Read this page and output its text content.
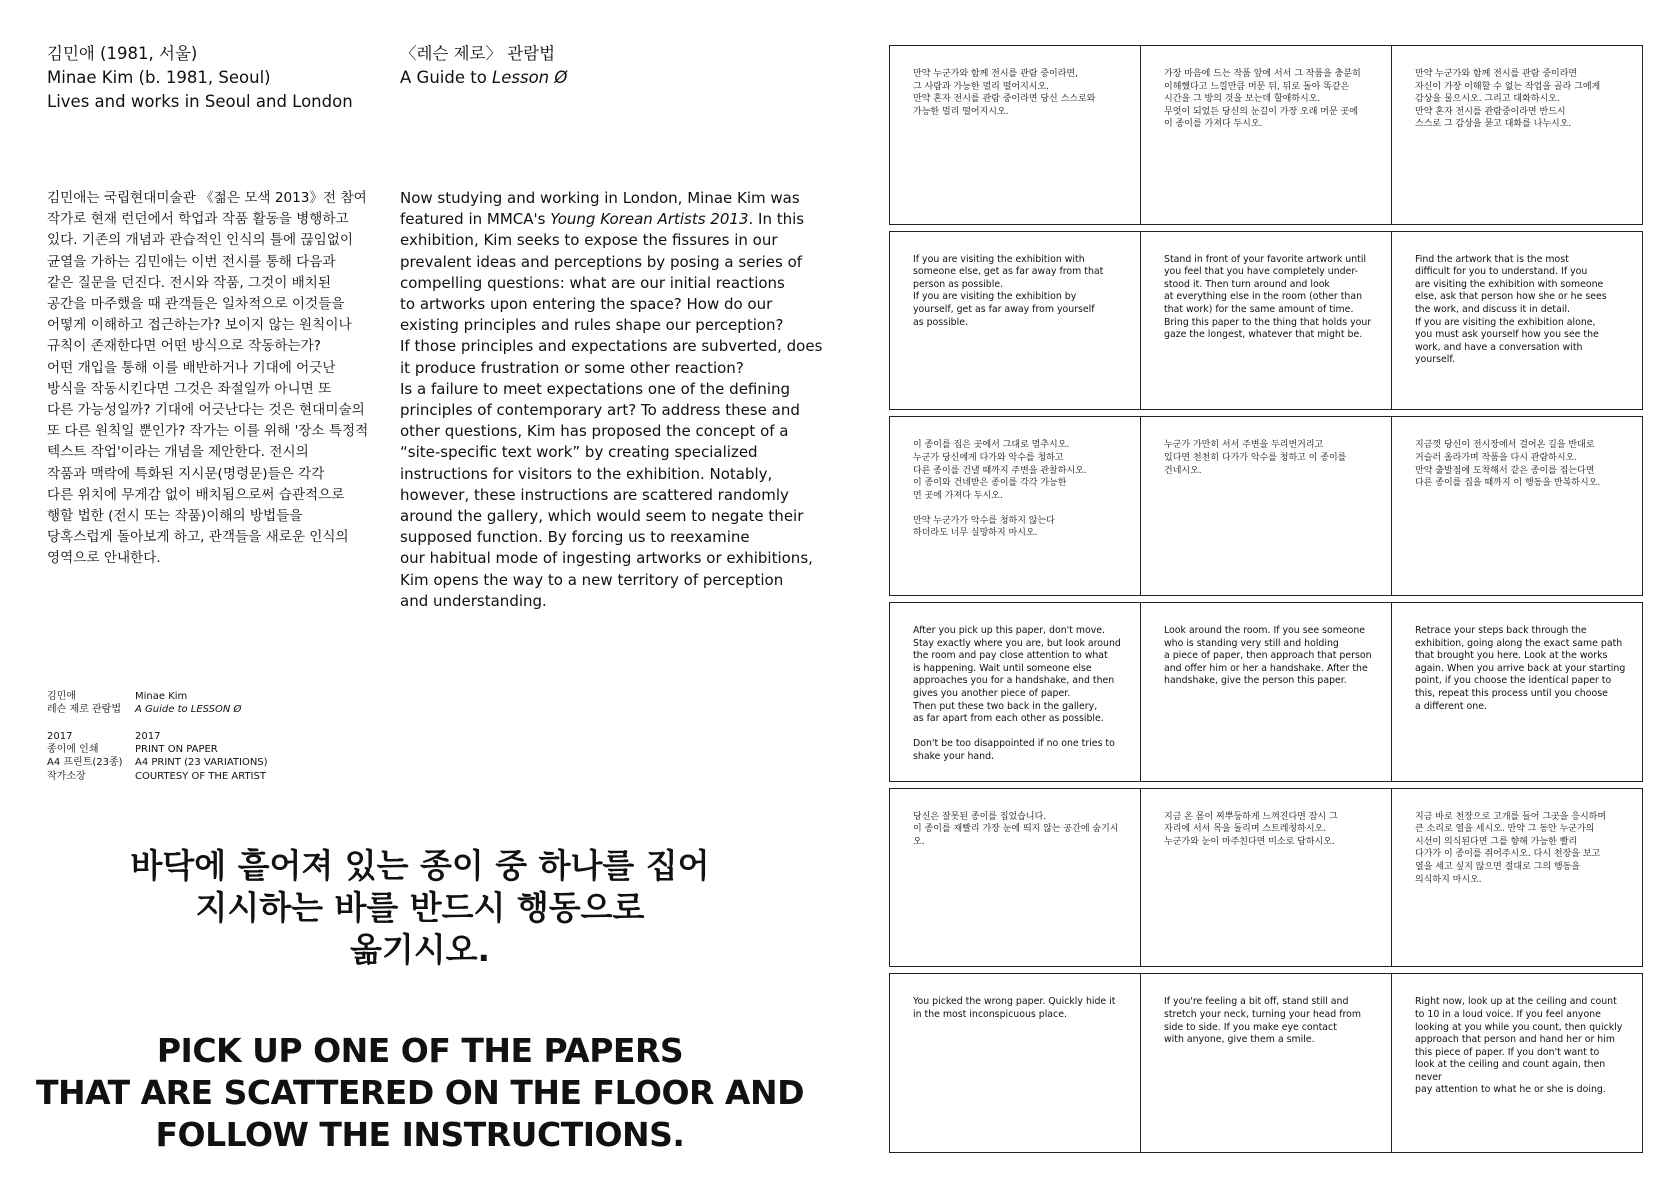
김민애 (1981, 서울)
Minae Kim (b. 1981, Seoul)
Lives and works in Seoul and London
〈레슨 제로〉 관람법
A Guide to Lesson Ø
김민애는 국립현대미술관 《젊은 모색 2013》전 참여
작가로 현재 런던에서 학업과 작품 활동을 병행하고
있다. 기존의 개념과 관습적인 인식의 틀에 끊임없이
균열을 가하는 김민애는 이번 전시를 통해 다음과
같은 질문을 던진다. 전시와 작품, 그것이 배치된
공간을 마주했을 때 관객들은 일차적으로 이것들을
어떻게 이해하고 접근하는가? 보이지 않는 원칙이나
규칙이 존재한다면 어떤 방식으로 작동하는가?
어떤 개입을 통해 이를 배반하거나 기대에 어긋난
방식을 작동시킨다면 그것은 좌절일까 아니면 또
다른 가능성일까? 기대에 어긋난다는 것은 현대미술의
또 다른 원칙일 뿐인가? 작가는 이를 위해 '장소 특정적
텍스트 작업'이라는 개념을 제안한다. 전시의
작품과 맥락에 특화된 지시문(명령문)들은 각각
다른 위치에 무게감 없이 배치됨으로써 습관적으로
행할 법한 (전시 또는 작품)이해의 방법들을
당혹스럽게 돌아보게 하고, 관객들을 새로운 인식의
영역으로 안내한다.
Now studying and working in London, Minae Kim was
featured in MMCA's Young Korean Artists 2013. In this
exhibition, Kim seeks to expose the fissures in our
prevalent ideas and perceptions by posing a series of
compelling questions: what are our initial reactions
to artworks upon entering the space? How do our
existing principles and rules shape our perception?
If those principles and expectations are subverted, does
it produce frustration or some other reaction?
Is a failure to meet expectations one of the defining
principles of contemporary art? To address these and
other questions, Kim has proposed the concept of a
“site-specific text work” by creating specialized
instructions for visitors to the exhibition. Notably,
however, these instructions are scattered randomly
around the gallery, which would seem to negate their
supposed function. By forcing us to reexamine
our habitual mode of ingesting artworks or exhibitions,
Kim opens the way to a new territory of perception
and understanding.
김민애
레슨 제로 관람법
Minae Kim
A Guide to LESSON Ø
2017
종이에 인쇄
A4 프린트(23종)
작가소장
2017
PRINT ON PAPER
A4 PRINT (23 VARIATIONS)
COURTESY OF THE ARTIST
바닥에 흩어져 있는 종이 중 하나를 집어
지시하는 바를 반드시 행동으로
옮기시오.
PICK UP ONE OF THE PAPERS
THAT ARE SCATTERED ON THE FLOOR AND
FOLLOW THE INSTRUCTIONS.
만약 누군가와 함께 전시를 관람 중이라면,
그 사람과 가능한 멀리 떨어지시오.
만약 혼자 전시를 관람 중이라면 당신 스스로와
가능한 멀리 떨어지시오.
가장 마음에 드는 작품 앞에 서서 그 작품을 충분히
이해했다고 느낄만큼 머문 뒤, 뒤로 돌아 똑같은
시간을 그 방의 것을 보는데 할애하시오.
무엇이 되었든 당신의 눈길이 가장 오래 머문 곳에
이 종이를 가져다 두시오.
만약 누군가와 함께 전시를 관람 중이라면
자신이 가장 이해할 수 없는 작업을 골라 그에게
감상을 물으시오. 그리고 대화하시오.
만약 혼자 전시를 관람중이라면 반드시
스스로 그 감상을 묻고 대화를 나누시오.
If you are visiting the exhibition with
someone else, get as far away from that
person as possible.
If you are visiting the exhibition by
yourself, get as far away from yourself
as possible.
Stand in front of your favorite artwork until
you feel that you have completely under-
stood it. Then turn around and look
at everything else in the room (other than
that work) for the same amount of time.
Bring this paper to the thing that holds your
gaze the longest, whatever that might be.
Find the artwork that is the most
difficult for you to understand. If you
are visiting the exhibition with someone
else, ask that person how she or he sees
the work, and discuss it in detail.
If you are visiting the exhibition alone,
you must ask yourself how you see the
work, and have a conversation with
yourself.
이 종이를 집은 곳에서 그대로 멈추시오.
누군가 당신에게 다가와 악수를 청하고
다른 종이를 건낼 때까지 주변을 관찰하시오.
이 종이와 건네받은 종이를 각각 가능한
먼 곳에 가져다 두시오.

만약 누군가가 악수를 청하지 않는다
하더라도 너무 실망하지 마시오.
누군가 가만히 서서 주변을 두리번거리고
있다면 천천히 다가가 악수를 청하고 이 종이를
건네시오.
지금껏 당신이 전시장에서 걸어온 길을 반대로
거슬러 올라가며 작품을 다시 관람하시오.
만약 출발점에 도착해서 같은 종이를 집는다면
다른 종이를 집을 때까지 이 행동을 반복하시오.
After you pick up this paper, don't move.
Stay exactly where you are, but look around
the room and pay close attention to what
is happening. Wait until someone else
approaches you for a handshake, and then
gives you another piece of paper.
Then put these two back in the gallery,
as far apart from each other as possible.

Don't be too disappointed if no one tries to
shake your hand.
Look around the room. If you see someone
who is standing very still and holding
a piece of paper, then approach that person
and offer him or her a handshake. After the
handshake, give the person this paper.
Retrace your steps back through the
exhibition, going along the exact same path
that brought you here. Look at the works
again. When you arrive back at your starting
point, if you choose the identical paper to
this, repeat this process until you choose
a different one.
당신은 잘못된 종이를 집었습니다.
이 종이를 재빨리 가장 눈에 띄지 않는 공간에 숨기시오.
지금 온 몸이 찌뿌둥하게 느껴진다면 잠시 그
자리에 서서 목을 돌리며 스트레칭하시오.
누군가와 눈이 마주친다면 미소로 답하시오.
지금 바로 천장으로 고개를 들어 그곳을 응시하며
큰 소리로 열을 세시오. 만약 그 동안 누군가의
시선이 의식된다면 그를 향해 가능한 빨리
다가가 이 종이를 쥐어주시오. 다시 천장을 보고
열을 세고 싶지 않으면 절대로 그의 행동을
의식하지 마시오.
You picked the wrong paper. Quickly hide it
in the most inconspicuous place.
If you're feeling a bit off, stand still and
stretch your neck, turning your head from
side to side. If you make eye contact
with anyone, give them a smile.
Right now, look up at the ceiling and count
to 10 in a loud voice. If you feel anyone
looking at you while you count, then quickly
approach that person and hand her or him
this piece of paper. If you don't want to
look at the ceiling and count again, then never
pay attention to what he or she is doing.
